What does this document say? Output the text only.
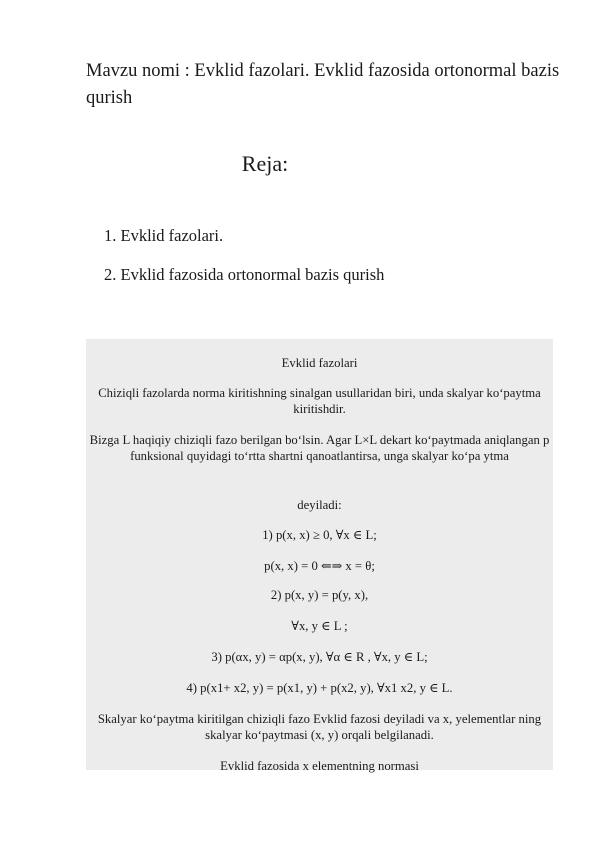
Mavzu nomi : Evklid fazolari. Evklid fazosida ortonormal bazis qurish
Reja:
1. Evklid fazolari.
2. Evklid fazosida ortonormal bazis qurish

Evklid fazolari

Chiziqli fazolarda norma kiritishning sinalgan usullaridan biri, unda skalyar ko‘paytma kiritishdir.

Bizga L haqiqiy chiziqli fazo berilgan bo‘lsin. Agar L×L dekart ko‘paytmada aniqlangan p funksional quyidagi to‘rtta shartni qanoatlantirsa, unga skalyar ko‘pa ytma

deyiladi:

1) p(x, x) ≥ 0, ∀x ∈ L;

p(x, x) = 0 ⇐⇒ x = θ;

2) p(x, y) = p(y, x),

∀x, y ∈ L ;

3) p(αx, y) = αp(x, y), ∀α ∈ R , ∀x, y ∈ L;

4) p(x1+ x2, y) = p(x1, y) + p(x2, y), ∀x1 x2, y ∈ L.

Skalyar ko‘paytma kiritilgan chiziqli fazo Evklid fazosi deyiladi va x, yelementlar ning skalyar ko‘paytmasi (x, y) orqali belgilanadi.

Evklid fazosida x elementning normasi
